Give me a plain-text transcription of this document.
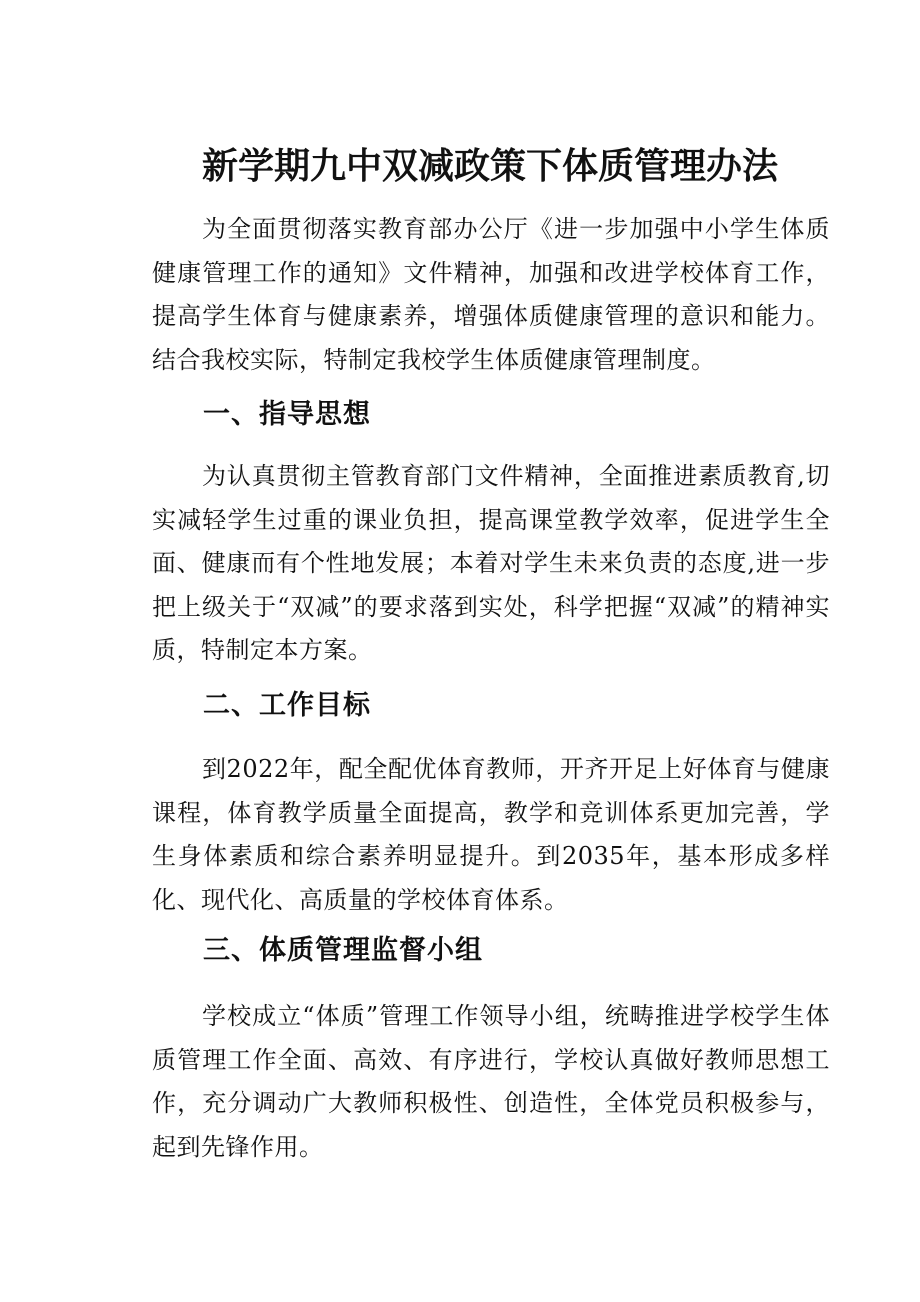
新学期九中双减政策下体质管理办法

为全面贯彻落实教育部办公厅《进一步加强中小学生体质健康管理工作的通知》文件精神，加强和改进学校体育工作，提高学生体育与健康素养，增强体质健康管理的意识和能力。结合我校实际，特制定我校学生体质健康管理制度。

一、指导思想

为认真贯彻主管教育部门文件精神，全面推进素质教育,切实减轻学生过重的课业负担，提高课堂教学效率，促进学生全面、健康而有个性地发展；本着对学生未来负责的态度,进一步把上级关于“双减”的要求落到实处，科学把握“双减”的精神实质，特制定本方案。

二、工作目标

到2022年，配全配优体育教师，开齐开足上好体育与健康课程，体育教学质量全面提高，教学和竞训体系更加完善，学生身体素质和综合素养明显提升。到2035年，基本形成多样化、现代化、高质量的学校体育体系。

三、体质管理监督小组

学校成立“体质”管理工作领导小组，统畴推进学校学生体质管理工作全面、高效、有序进行，学校认真做好教师思想工作，充分调动广大教师积极性、创造性，全体党员积极参与，起到先锋作用。
